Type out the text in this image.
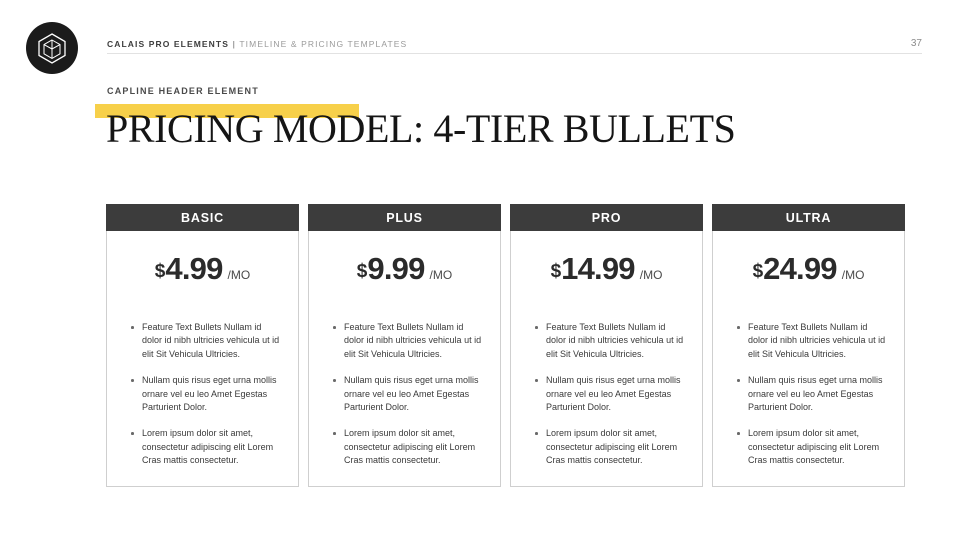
CALAIS PRO ELEMENTS | TIMELINE & PRICING TEMPLATES	37
CAPLINE HEADER ELEMENT
PRICING MODEL: 4-TIER BULLETS
BASIC
$ 4.99 /MO
Feature Text Bullets Nullam id dolor id nibh ultricies vehicula ut id elit Sit Vehicula Ultricies.
Nullam quis risus eget urna mollis ornare vel eu leo Amet Egestas Parturient Dolor.
Lorem ipsum dolor sit amet, consectetur adipiscing elit Lorem Cras mattis consectetur.
PLUS
$ 9.99 /MO
Feature Text Bullets Nullam id dolor id nibh ultricies vehicula ut id elit Sit Vehicula Ultricies.
Nullam quis risus eget urna mollis ornare vel eu leo Amet Egestas Parturient Dolor.
Lorem ipsum dolor sit amet, consectetur adipiscing elit Lorem Cras mattis consectetur.
PRO
$ 14.99 /MO
Feature Text Bullets Nullam id dolor id nibh ultricies vehicula ut id elit Sit Vehicula Ultricies.
Nullam quis risus eget urna mollis ornare vel eu leo Amet Egestas Parturient Dolor.
Lorem ipsum dolor sit amet, consectetur adipiscing elit Lorem Cras mattis consectetur.
ULTRA
$ 24.99 /MO
Feature Text Bullets Nullam id dolor id nibh ultricies vehicula ut id elit Sit Vehicula Ultricies.
Nullam quis risus eget urna mollis ornare vel eu leo Amet Egestas Parturient Dolor.
Lorem ipsum dolor sit amet, consectetur adipiscing elit Lorem Cras mattis consectetur.
